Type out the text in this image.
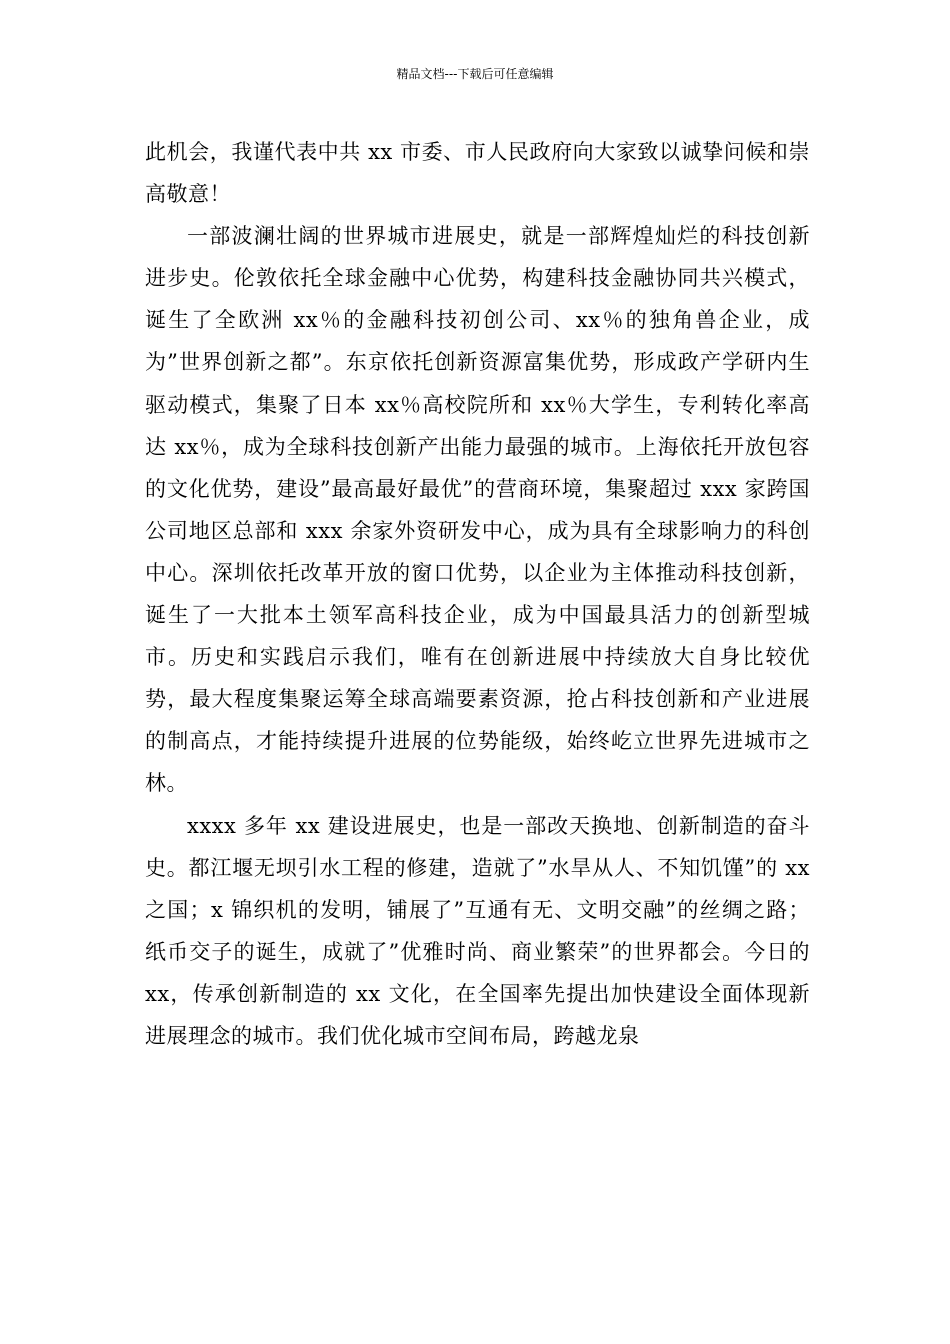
精品文档---下载后可任意编辑

此机会，我谨代表中共 xx 市委、市人民政府向大家致以诚挚问候和崇高敬意！

一部波澜壮阔的世界城市进展史，就是一部辉煌灿烂的科技创新进步史。伦敦依托全球金融中心优势，构建科技金融协同共兴模式，诞生了全欧洲 xx％的金融科技初创公司、xx％的独角兽企业，成为”世界创新之都”。东京依托创新资源富集优势，形成政产学研内生驱动模式，集聚了日本 xx％高校院所和 xx％大学生，专利转化率高达 xx％，成为全球科技创新产出能力最强的城市。上海依托开放包容的文化优势，建设”最高最好最优”的营商环境，集聚超过 xxx 家跨国公司地区总部和 xxx 余家外资研发中心，成为具有全球影响力的科创中心。深圳依托改革开放的窗口优势，以企业为主体推动科技创新，诞生了一大批本土领军高科技企业，成为中国最具活力的创新型城市。历史和实践启示我们，唯有在创新进展中持续放大自身比较优势，最大程度集聚运筹全球高端要素资源，抢占科技创新和产业进展的制高点，才能持续提升进展的位势能级，始终屹立世界先进城市之林。

xxxx 多年 xx 建设进展史，也是一部改天换地、创新制造的奋斗史。都江堰无坝引水工程的修建，造就了”水旱从人、不知饥馑”的 xx 之国；x 锦织机的发明，铺展了”互通有无、文明交融”的丝绸之路；纸币交子的诞生，成就了”优雅时尚、商业繁荣”的世界都会。今日的 xx，传承创新制造的 xx 文化，在全国率先提出加快建设全面体现新进展理念的城市。我们优化城市空间布局，跨越龙泉
